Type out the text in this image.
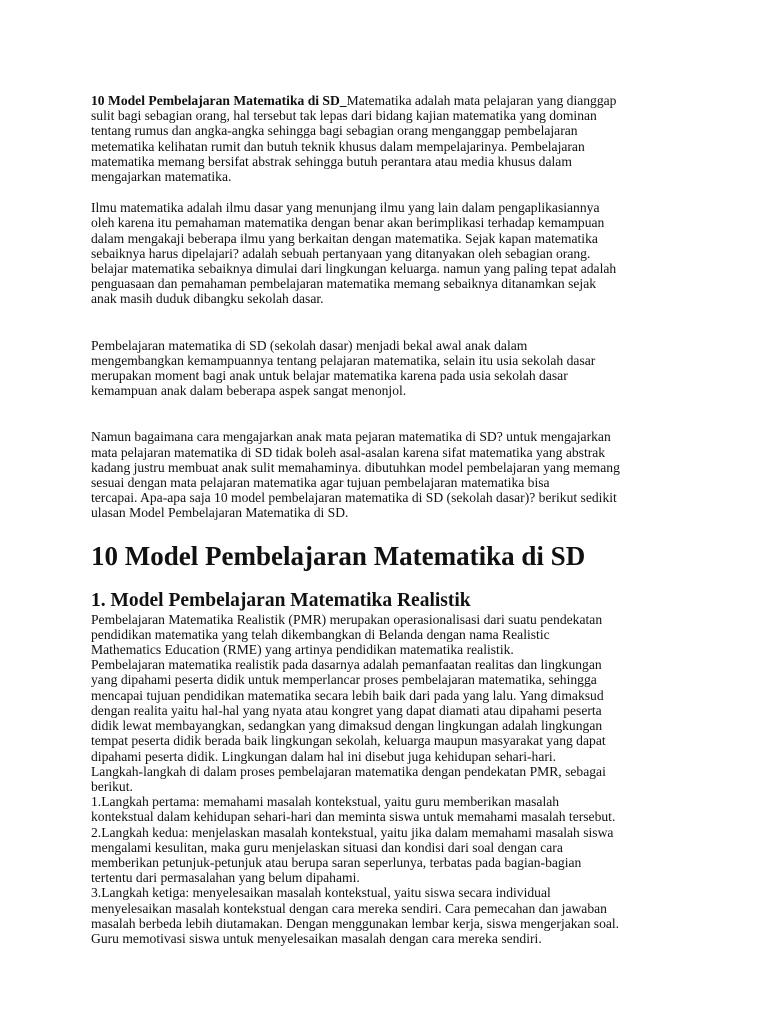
10 Model Pembelajaran Matematika di SD_Matematika adalah mata pelajaran yang dianggap
sulit bagi sebagian orang, hal tersebut tak lepas dari bidang kajian matematika yang dominan
tentang rumus dan angka-angka sehingga bagi sebagian orang menganggap pembelajaran
metematika kelihatan rumit dan butuh teknik khusus dalam mempelajarinya. Pembelajaran
matematika memang bersifat abstrak sehingga butuh perantara atau media khusus dalam
mengajarkan matematika.

Ilmu matematika adalah ilmu dasar yang menunjang ilmu yang lain dalam pengaplikasiannya
oleh karena itu pemahaman matematika dengan benar akan berimplikasi terhadap kemampuan
dalam mengakaji beberapa ilmu yang berkaitan dengan matematika. Sejak kapan matematika
sebaiknya harus dipelajari? adalah sebuah pertanyaan yang ditanyakan oleh sebagian orang.
belajar matematika sebaiknya dimulai dari lingkungan keluarga. namun yang paling tepat adalah
penguasaan dan pemahaman pembelajaran matematika memang sebaiknya ditanamkan sejak
anak masih duduk dibangku sekolah dasar.

Pembelajaran matematika di SD (sekolah dasar) menjadi bekal awal anak dalam
mengembangkan kemampuannya tentang pelajaran matematika, selain itu usia sekolah dasar
merupakan moment bagi anak untuk belajar matematika karena pada usia sekolah dasar
kemampuan anak dalam beberapa aspek sangat menonjol.

Namun bagaimana cara mengajarkan anak mata pejaran matematika di SD? untuk mengajarkan
mata pelajaran matematika di SD tidak boleh asal-asalan karena sifat matematika yang abstrak
kadang justru membuat anak sulit memahaminya. dibutuhkan model pembelajaran yang memang
sesuai dengan mata pelajaran matematika agar tujuan pembelajaran matematika bisa
tercapai. Apa-apa saja 10 model pembelajaran matematika di SD (sekolah dasar)? berikut sedikit
ulasan Model Pembelajaran Matematika di SD.

10 Model Pembelajaran Matematika di SD
1. Model Pembelajaran Matematika Realistik

Pembelajaran Matematika Realistik (PMR) merupakan operasionalisasi dari suatu pendekatan
pendidikan matematika yang telah dikembangkan di Belanda dengan nama Realistic
Mathematics Education (RME) yang artinya pendidikan matematika realistik.

Pembelajaran matematika realistik pada dasarnya adalah pemanfaatan realitas dan lingkungan
yang dipahami peserta didik untuk memperlancar proses pembelajaran matematika, sehingga
mencapai tujuan pendidikan matematika secara lebih baik dari pada yang lalu. Yang dimaksud
dengan realita yaitu hal-hal yang nyata atau kongret yang dapat diamati atau dipahami peserta
didik lewat membayangkan, sedangkan yang dimaksud dengan lingkungan adalah lingkungan
tempat peserta didik berada baik lingkungan sekolah, keluarga maupun masyarakat yang dapat
dipahami peserta didik. Lingkungan dalam hal ini disebut juga kehidupan sehari-hari.

Langkah-langkah di dalam proses pembelajaran matematika dengan pendekatan PMR, sebagai
berikut.

1.Langkah pertama: memahami masalah kontekstual, yaitu guru memberikan masalah
kontekstual dalam kehidupan sehari-hari dan meminta siswa untuk memahami masalah tersebut.

2.Langkah kedua: menjelaskan masalah kontekstual, yaitu jika dalam memahami masalah siswa
mengalami kesulitan, maka guru menjelaskan situasi dan kondisi dari soal dengan cara
memberikan petunjuk-petunjuk atau berupa saran seperlunya, terbatas pada bagian-bagian
tertentu dari permasalahan yang belum dipahami.

3.Langkah ketiga: menyelesaikan masalah kontekstual, yaitu siswa secara individual
menyelesaikan masalah kontekstual dengan cara mereka sendiri. Cara pemecahan dan jawaban
masalah berbeda lebih diutamakan. Dengan menggunakan lembar kerja, siswa mengerjakan soal.
Guru memotivasi siswa untuk menyelesaikan masalah dengan cara mereka sendiri.
